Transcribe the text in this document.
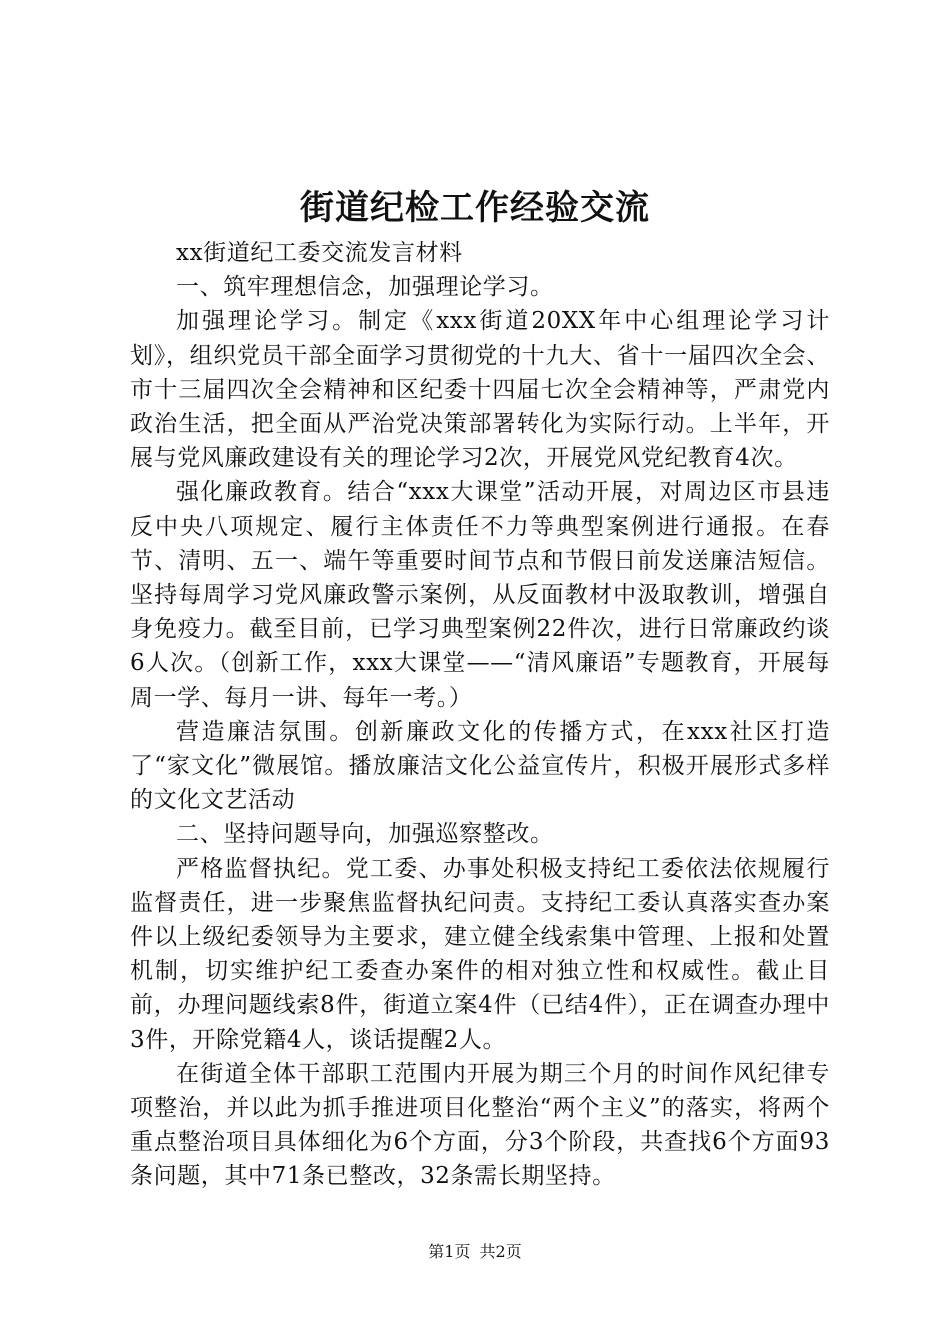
街道纪检工作经验交流

xx街道纪工委交流发言材料

一、筑牢理想信念，加强理论学习。

加强理论学习。制定《xxx街道20XX年中心组理论学习计划》，组织党员干部全面学习贯彻党的十九大、省十一届四次全会、市十三届四次全会精神和区纪委十四届七次全会精神等，严肃党内政治生活，把全面从严治党决策部署转化为实际行动。上半年，开展与党风廉政建设有关的理论学习2次，开展党风党纪教育4次。

强化廉政教育。结合“xxx大课堂”活动开展，对周边区市县违反中央八项规定、履行主体责任不力等典型案例进行通报。在春节、清明、五一、端午等重要时间节点和节假日前发送廉洁短信。坚持每周学习党风廉政警示案例，从反面教材中汲取教训，增强自身免疫力。截至目前，已学习典型案例22件次，进行日常廉政约谈6人次。（创新工作，xxx大课堂——“清风廉语”专题教育，开展每周一学、每月一讲、每年一考。）

营造廉洁氛围。创新廉政文化的传播方式，在xxx社区打造了“家文化”微展馆。播放廉洁文化公益宣传片，积极开展形式多样的文化文艺活动

二、坚持问题导向，加强巡察整改。

严格监督执纪。党工委、办事处积极支持纪工委依法依规履行监督责任，进一步聚焦监督执纪问责。支持纪工委认真落实查办案件以上级纪委领导为主要求，建立健全线索集中管理、上报和处置机制，切实维护纪工委查办案件的相对独立性和权威性。截止目前，办理问题线索8件，街道立案4件（已结4件），正在调查办理中3件，开除党籍4人，谈话提醒2人。

在街道全体干部职工范围内开展为期三个月的时间作风纪律专项整治，并以此为抓手推进项目化整治“两个主义”的落实，将两个重点整治项目具体细化为6个方面，分3个阶段，共查找6个方面93条问题，其中71条已整改，32条需长期坚持。

第1页 共2页
